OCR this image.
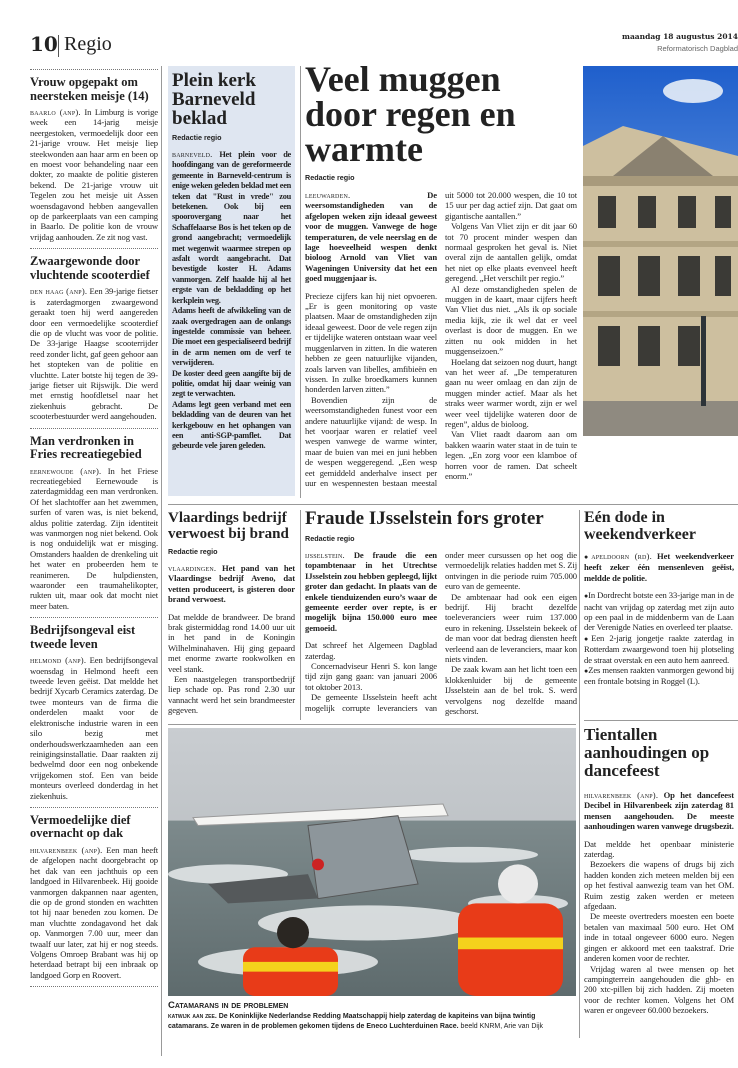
10 Regio	maandag 18 augustus 2014
Reformatorisch Dagblad
Vrouw opgepakt om neersteken meisje (14)

baarlo (anp). In Limburg is vorige week een 14-jarig meisje neergestoken, vermoedelijk door een 21-jarige vrouw. Het meisje liep steekwonden aan haar arm en been op en moest voor behandeling naar een dokter, zo maakte de politie gisteren bekend. De 21-jarige vrouw uit Tegelen zou het meisje uit Assen woensdagavond hebben aangevallen op de parkeerplaats van een camping in Baarlo. De politie kon de vrouw vrijdag aanhouden. Ze zit nog vast.

Zwaargewonde door vluchtende scooterdief

den haag (anp). Een 39-jarige fietser is zaterdagmorgen zwaargewond geraakt toen hij werd aangereden door een vermoedelijke scooterdief die op de vlucht was voor de politie. De 33-jarige Haagse scooterrijder reed zonder licht, gaf geen gehoor aan het stopteken van de politie en vluchtte. Later botste hij tegen de 39-jarige fietser uit Rijswijk. Die werd met ernstig hoofdletsel naar het ziekenhuis gebracht. De scooterbestuurder werd aangehouden.

Man verdronken in Fries recreatiegebied

eernewoude (anp). In het Friese recreatiegebied Eernewoude is zaterdagmiddag een man verdronken. Of het slachtoffer aan het zwemmen, surfen of varen was, is niet bekend, aldus politie zaterdag. Zijn identiteit was vanmorgen nog niet bekend. Ook is nog onduidelijk wat er misging. Omstanders haalden de drenkeling uit het water en probeerden hem te reanimeren. De hulpdiensten, waaronder een traumahelikopter, rukten uit, maar ook dat mocht niet meer baten.

Bedrijfsongeval eist tweede leven

helmond (anp). Een bedrijfsongeval woensdag in Helmond heeft een tweede leven geëist. Dat meldde het bedrijf Xycarb Ceramics zaterdag. De twee monteurs van de firma die onderdelen maakt voor de elektronische industrie waren in een silo bezig met onderhoudswerkzaamheden aan een reinigingsinstallatie. Daar raakten zij bedwelmd door een nog onbekende vrijgekomen stof. Een van beide monteurs overleed donderdag in het ziekenhuis.

Vermoedelijke dief overnacht op dak

hilvarenbeek (anp). Een man heeft de afgelopen nacht doorgebracht op het dak van een jachthuis op een landgoed in Hilvarenbeek. Hij gooide vanmorgen dakpannen naar agenten, die op de grond stonden en wachtten tot hij naar beneden zou komen. De man vluchtte zondagavond het dak op. Vanmorgen 7.00 uur, meer dan twaalf uur later, zat hij er nog steeds. Volgens Omroep Brabant was hij op heterdaad betrapt bij een inbraak op landgoed Gorp en Roovert.

Plein kerk Barneveld beklad
Redactie regio

barneveld. Het plein voor de hoofdingang van de gereformeerde gemeente in Barneveld-centrum is enige weken geleden beklad met een teken dat "Rust in vrede" zou betekenen. Ook bij een spoorovergang naar het Schaffelaarse Bos is het teken op de grond aangebracht; vermoedelijk met wegenwit waarmee strepen op asfalt wordt aangebracht. Dat bevestigde koster H. Adams vanmorgen. Zelf haalde hij al het ergste van de bekladding op het kerkplein weg.

Adams heeft de afwikkeling van de zaak overgedragen aan de onlangs ingestelde commissie van beheer. Die moet een gespecialiseerd bedrijf in de arm nemen om de verf te verwijderen.

De koster deed geen aangifte bij de politie, omdat hij daar weinig van zegt te verwachten.

Adams legt geen verband met een bekladding van de deuren van het kerkgebouw en het ophangen van een anti-SGP-pamflet. Dat gebeurde vele jaren geleden.

Veel muggen door regen en warmte
Redactie regio

leeuwarden.	De weersomstandigheden van de afgelopen weken zijn ideaal geweest voor de muggen. Vanwege de hoge temperaturen, de vele neerslag en de lage hoeveelheid wespen denkt bioloog Arnold van Vliet van Wageningen University dat het een goed muggenjaar is.

Precieze cijfers kan hij niet opvoeren. „Er is geen monitoring op vaste plaatsen. Maar de omstandigheden zijn ideaal geweest. Door de vele regen zijn er tijdelijke wateren ontstaan waar veel muggenlarven in zitten. In die wateren hebben ze geen natuurlijke vijanden, zoals larven van libelles, amfibieën en vissen. In zulke broedkamers kunnen honderden larven zitten.”

Bovendien zijn de weersomstandigheden funest voor een andere natuurlijke vijand: de wesp. In het voorjaar waren er relatief veel wespen vanwege de warme winter, maar de buien van mei en juni hebben de wespen weggeregend. „Een wesp eet gemiddeld anderhalve insect per uur en wespennesten bestaan meestal uit 5000 tot 20.000 wespen, die 10 tot 15 uur per dag actief zijn. Dat gaat om gigantische aantallen.”

Volgens Van Vliet zijn er dit jaar 60 tot 70 procent minder wespen dan normaal gesproken het geval is. Niet overal zijn de aantallen gelijk, omdat het niet op elke plaats evenveel heeft geregend. „Het verschilt per regio.”

Al deze omstandigheden spelen de muggen in de kaart, maar cijfers heeft Van Vliet dus niet. „Als ik op sociale media kijk, zie ik wel dat er veel overlast is door de muggen. En we zitten nu ook midden in het muggenseizoen.”

Hoelang dat seizoen nog duurt, hangt van het weer af. „De temperaturen gaan nu weer omlaag en dan zijn de muggen minder actief. Maar als het straks weer warmer wordt, zijn er wel weer veel tijdelijke wateren door de regen”, aldus de bioloog.

Van Vliet raadt daarom aan om bakken waarin water staat in de tuin te legen. „En zorg voor een klamboe of horren voor de ramen. Dat scheelt enorm.”

Vlaardings bedrijf verwoest bij brand
Redactie regio

vlaardingen. Het pand van het Vlaardingse bedrijf Aveno, dat vetten produceert, is gisteren door brand verwoest.

Dat meldde de brandweer. De brand brak gistermiddag rond 14.00 uur uit in het pand in de Koningin Wilhelminahaven. Hij ging gepaard met enorme zwarte rookwolken en veel stank.

Een naastgelegen transportbedrijf liep schade op. Pas rond 2.30 uur vannacht werd het sein brandmeester gegeven.

Fraude IJsselstein fors groter
Redactie regio

ijsselstein. De fraude die een topambtenaar in het Utrechtse IJsselstein zou hebben gepleegd, lijkt groter dan gedacht. In plaats van de enkele tienduizenden euro’s waar de gemeente eerder over repte, is er mogelijk bijna 150.000 euro mee gemoeid.

Dat schreef het Algemeen Dagblad zaterdag.

Concernadviseur Henri S. kon lange tijd zijn gang gaan: van januari 2006 tot oktober 2013.

De gemeente IJsselstein heeft acht mogelijk corrupte leveranciers van onder meer cursussen op het oog die vermoedelijk relaties hadden met S. Zij ontvingen in die periode ruim 705.000 euro van de gemeente.

De ambtenaar had ook een eigen bedrijf. Hij bracht dezelfde toeleveranciers weer ruim 137.000 euro in rekening. IJsselstein bekeek of de man voor dat bedrag diensten heeft verleend aan de leveranciers, maar kon niets vinden.

De zaak kwam aan het licht toen een klokkenluider bij de gemeente IJsselstein aan de bel trok. S. werd vervolgens nog dezelfde maand geschorst.

Eén dode in weekendverkeer

● apeldoorn (rd). Het weekendverkeer heeft zeker één mensenleven geëist, meldde de politie.

● In Dordrecht botste een 33-jarige man in de nacht van vrijdag op zaterdag met zijn auto op een paal in de middenberm van de Laan der Verenigde Naties en overleed ter plaatse.

● Een 2-jarig jongetje raakte zaterdag in Rotterdam zwaargewond toen hij plotseling de straat overstak en een auto hem aanreed.

● Zes mensen raakten vanmorgen gewond bij een frontale botsing in Roggel (L).

Catamarans in de problemen
katwijk aan zee. De Koninklijke Nederlandse Redding Maatschappij hielp zaterdag de kapiteins van bijna twintig catamarans. Ze waren in de problemen gekomen tijdens de Eneco Luchterduinen Race. beeld KNRM, Arie van Dijk
Tientallen aanhoudingen op dancefeest

hilvarenbeek (anp). Op het dancefeest Decibel in Hilvarenbeek zijn zaterdag 81 mensen aangehouden. De meeste aanhoudingen waren vanwege drugsbezit.

Dat meldde het openbaar ministerie zaterdag.

Bezoekers die wapens of drugs bij zich hadden konden zich meteen melden bij een op het festival aanwezig team van het OM. Ruim zestig zaken werden er meteen afgedaan.

De meeste overtreders moesten een boete betalen van maximaal 500 euro. Het OM inde in totaal ongeveer 6000 euro. Negen gingen er akkoord met een taakstraf. Drie anderen komen voor de rechter.

Vrijdag waren al twee mensen op het campingterrein aangehouden die ghb- en 200 xtc-pillen bij zich hadden. Zij moeten voor de rechter komen. Volgens het OM waren er ongeveer 60.000 bezoekers.
